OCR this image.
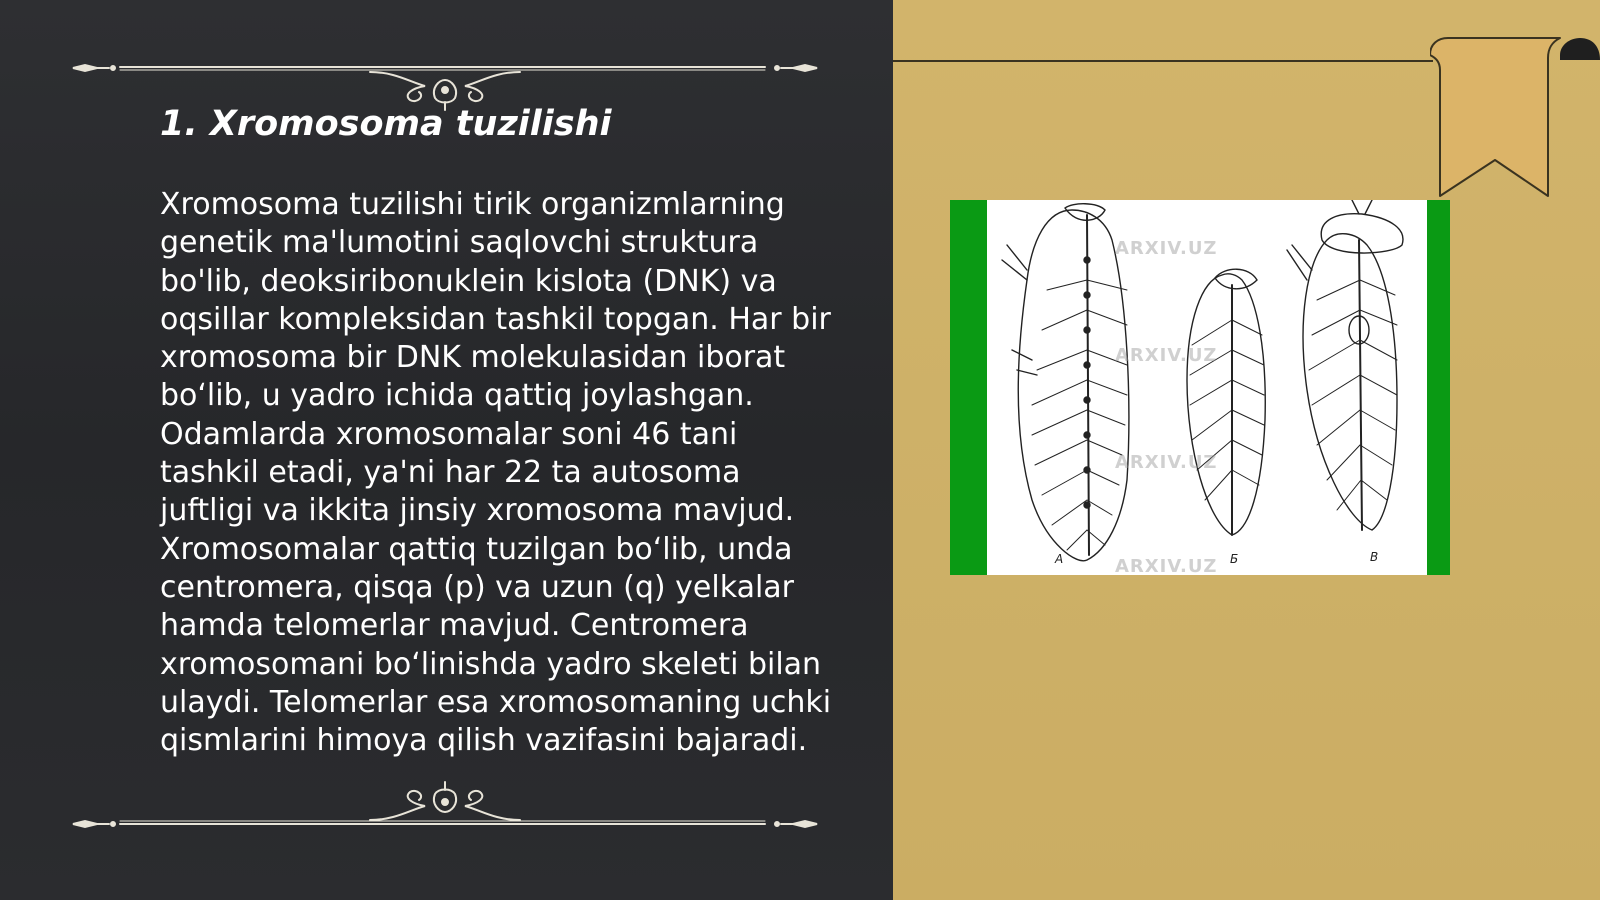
1. Xromosoma tuzilishi

Xromosoma tuzilishi tirik organizmlarning genetik ma'lumotini saqlovchi struktura bo'lib, deoksiribonuklein kislota (DNK) va oqsillar kompleksidan tashkil topgan. Har bir xromosoma bir DNK molekulasidan iborat bo‘lib, u yadro ichida qattiq joylashgan. Odamlarda xromosomalar soni 46 tani tashkil etadi, ya'ni har 22 ta autosoma juftligi va ikkita jinsiy xromosoma mavjud. Xromosomalar qattiq tuzilgan bo‘lib, unda centromera, qisqa (p) va uzun (q) yelkalar hamda telomerlar mavjud. Centromera xromosomani bo‘linishda yadro skeleti bilan ulaydi. Telomerlar esa xromosomaning uchki qismlarini himoya qilish vazifasini bajaradi.

ARXIV.UZ
ARXIV.UZ
ARXIV.UZ
ARXIV.UZ
A	Б	В
